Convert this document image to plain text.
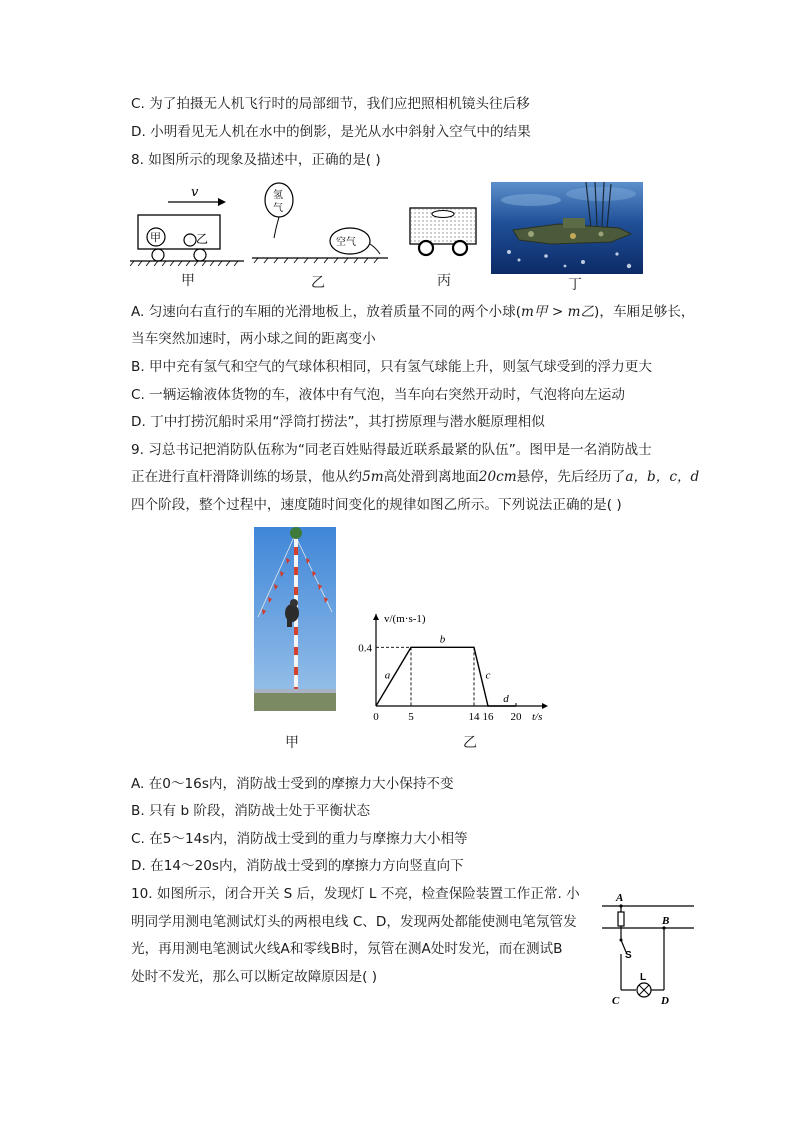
C. 为了拍摄无人机飞行时的局部细节，我们应把照相机镜头往后移
D. 小明看见无人机在水中的倒影，是光从水中斜射入空气中的结果
8. 如图所示的现象及描述中，正确的是( )
v
甲	乙
甲
氢
气
空气
乙	丙	丁
A. 匀速向右直行的车厢的光滑地板上，放着质量不同的两个小球(m甲 > m乙)，车厢足够长，
当车突然加速时，两小球之间的距离变小
B. 甲中充有氢气和空气的气球体积相同，只有氢气球能上升，则氢气球受到的浮力更大
C. 一辆运输液体货物的车，液体中有气泡，当车向右突然开动时，气泡将向左运动
D. 丁中打捞沉船时采用“浮筒打捞法”，其打捞原理与潜水艇原理相似
9. 习总书记把消防队伍称为“同老百姓贴得最近联系最紧的队伍”。图甲是一名消防战士
正在进行直杆滑降训练的场景，他从约5m高处滑到离地面20cm悬停，先后经历了a，b，c，d
四个阶段，整个过程中，速度随时间变化的规律如图乙所示。下列说法正确的是( )
甲
v/(m·s-1)
t/s
0	5	14 16 20
0.4
a
b
c
d
乙
A. 在0～16s内，消防战士受到的摩擦力大小保持不变
B. 只有 b 阶段，消防战士处于平衡状态
C. 在5～14s内，消防战士受到的重力与摩擦力大小相等
D. 在14～20s内，消防战士受到的摩擦力方向竖直向下
10. 如图所示，闭合开关 S 后，发现灯 L 不亮，检查保险装置工作正常. 小
明同学用测电笔测试灯头的两根电线 C、D，发现两处都能使测电笔氖管发
光，再用测电笔测试火线A和零线B时，氖管在测A处时发光，而在测试B
处时不发光，那么可以断定故障原因是( )
A
B
S
L
C	D
